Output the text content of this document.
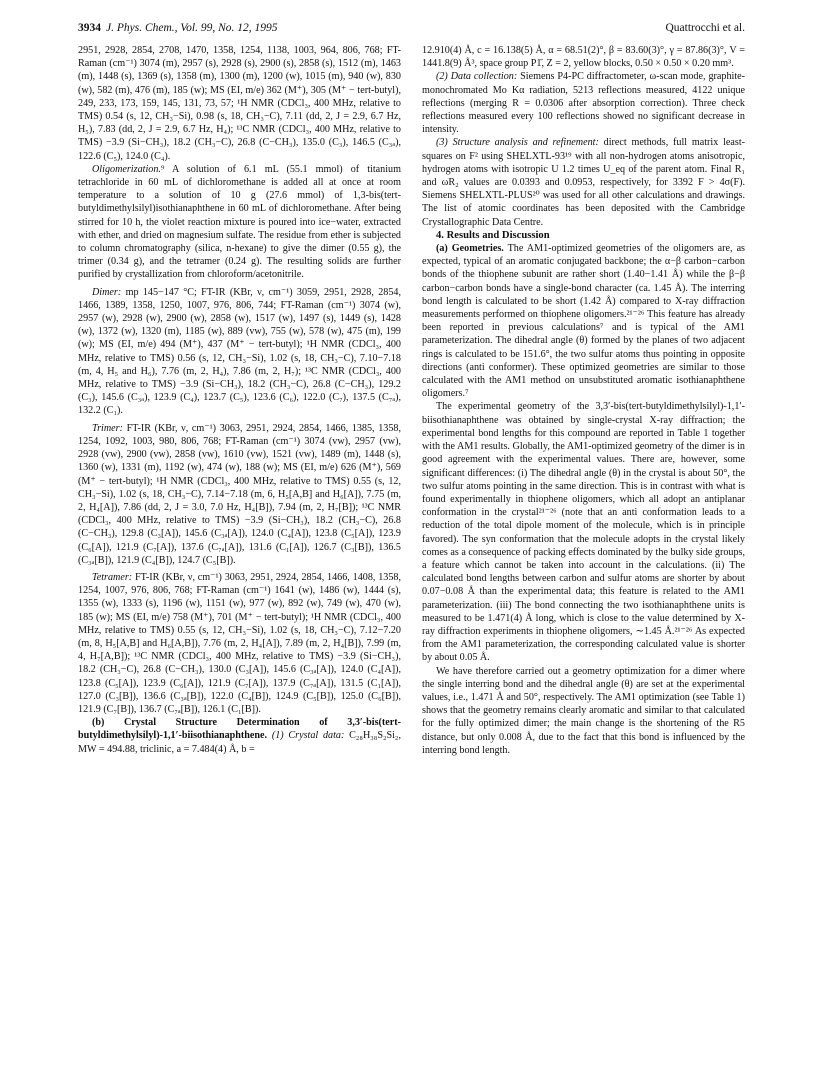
3934 J. Phys. Chem., Vol. 99, No. 12, 1995	Quattrocchi et al.

2951, 2928, 2854, 2708, 1470, 1358, 1254, 1138, 1003, 964, 806, 768; FT-Raman (cm⁻¹) 3074 (m), 2957 (s), 2928 (s), 2900 (s), 2858 (s), 1512 (m), 1463 (m), 1448 (s), 1369 (s), 1358 (m), 1300 (m), 1200 (w), 1015 (m), 940 (w), 830 (w), 582 (m), 476 (m), 185 (w); MS (EI, m/e) 362 (M⁺), 305 (M⁺ − tert-butyl), 249, 233, 173, 159, 145, 131, 73, 57; ¹H NMR (CDCl₃, 400 MHz, relative to TMS) 0.54 (s, 12, CH₃−Si), 0.98 (s, 18, CH₃−C), 7.11 (dd, 2, J = 2.9, 6.7 Hz, H₅), 7.83 (dd, 2, J = 2.9, 6.7 Hz, H₄); ¹³C NMR (CDCl₃, 400 MHz, relative to TMS) −3.9 (Si−CH₃), 18.2 (CH₃−C), 26.8 (C−CH₃), 135.0 (C₃), 146.5 (C₃ₐ), 122.6 (C₅), 124.0 (C₄).

Oligomerization.⁹ A solution of 6.1 mL (55.1 mmol) of titanium tetrachloride in 60 mL of dichloromethane is added all at once at room temperature to a solution of 10 g (27.6 mmol) of 1,3-bis(tert-butyldimethylsilyl)isothianaphthene in 60 mL of dichloromethane. After being stirred for 10 h, the violet reaction mixture is poured into ice−water, extracted with ether, and dried on magnesium sulfate. The residue from ether is subjected to column chromatography (silica, n-hexane) to give the dimer (0.55 g), the trimer (0.34 g), and the tetramer (0.24 g). The resulting solids are further purified by crystallization from chloroform/acetonitrile.

Dimer: mp 145−147 °C; FT-IR (KBr, ν, cm⁻¹) 3059, 2951, 2928, 2854, 1466, 1389, 1358, 1250, 1007, 976, 806, 744; FT-Raman (cm⁻¹) 3074 (w), 2957 (w), 2928 (w), 2900 (w), 2858 (w), 1517 (w), 1497 (s), 1449 (s), 1428 (w), 1372 (w), 1320 (m), 1185 (w), 889 (vw), 755 (w), 578 (w), 475 (m), 199 (w); MS (EI, m/e) 494 (M⁺), 437 (M⁺ − tert-butyl); ¹H NMR (CDCl₃, 400 MHz, relative to TMS) 0.56 (s, 12, CH₃−Si), 1.02 (s, 18, CH₃−C), 7.10−7.18 (m, 4, H₅ and H₆), 7.76 (m, 2, H₄), 7.86 (m, 2, H₇); ¹³C NMR (CDCl₃, 400 MHz, relative to TMS) −3.9 (Si−CH₃), 18.2 (CH₃−C), 26.8 (C−CH₃), 129.2 (C₃), 145.6 (C₃ₐ), 123.9 (C₄), 123.7 (C₅), 123.6 (C₆), 122.0 (C₇), 137.5 (C₇ₐ), 132.2 (C₁).

Trimer: FT-IR (KBr, ν, cm⁻¹) 3063, 2951, 2924, 2854, 1466, 1385, 1358, 1254, 1092, 1003, 980, 806, 768; FT-Raman (cm⁻¹) 3074 (vw), 2957 (vw), 2928 (vw), 2900 (vw), 2858 (vw), 1610 (vw), 1521 (vw), 1489 (m), 1448 (s), 1360 (w), 1331 (m), 1192 (w), 474 (w), 188 (w); MS (EI, m/e) 626 (M⁺), 569 (M⁺ − tert-butyl); ¹H NMR (CDCl₃, 400 MHz, relative to TMS) 0.55 (s, 12, CH₃−Si), 1.02 (s, 18, CH₃−C), 7.14−7.18 (m, 6, H₅[A,B] and H₆[A]), 7.75 (m, 2, H₄[A]), 7.86 (dd, 2, J = 3.0, 7.0 Hz, H₄[B]), 7.94 (m, 2, H₇[B]); ¹³C NMR (CDCl₃, 400 MHz, relative to TMS) −3.9 (Si−CH₃), 18.2 (CH₃−C), 26.8 (C−CH₃), 129.8 (C₃[A]), 145.6 (C₃ₐ[A]), 124.0 (C₄[A]), 123.8 (C₅[A]), 123.9 (C₆[A]), 121.9 (C₇[A]), 137.6 (C₇ₐ[A]), 131.6 (C₁[A]), 126.7 (C₃[B]), 136.5 (C₃ₐ[B]), 121.9 (C₄[B]), 124.7 (C₅[B]).

Tetramer: FT-IR (KBr, ν, cm⁻¹) 3063, 2951, 2924, 2854, 1466, 1408, 1358, 1254, 1007, 976, 806, 768; FT-Raman (cm⁻¹) 1641 (w), 1486 (w), 1444 (s), 1355 (w), 1333 (s), 1196 (w), 1151 (w), 977 (w), 892 (w), 749 (w), 470 (w), 185 (w); MS (EI, m/e) 758 (M⁺), 701 (M⁺ − tert-butyl); ¹H NMR (CDCl₃, 400 MHz, relative to TMS) 0.55 (s, 12, CH₃−Si), 1.02 (s, 18, CH₃−C), 7.12−7.20 (m, 8, H₅[A,B] and H₆[A,B]), 7.76 (m, 2, H₄[A]), 7.89 (m, 2, H₄[B]), 7.99 (m, 4, H₇[A,B]); ¹³C NMR (CDCl₃, 400 MHz, relative to TMS) −3.9 (Si−CH₃), 18.2 (CH₃−C), 26.8 (C−CH₃), 130.0 (C₃[A]), 145.6 (C₃ₐ[A]), 124.0 (C₄[A]), 123.8 (C₅[A]), 123.9 (C₆[A]), 121.9 (C₇[A]), 137.9 (C₇ₐ[A]), 131.5 (C₁[A]), 127.0 (C₃[B]), 136.6 (C₃ₐ[B]), 122.0 (C₄[B]), 124.9 (C₅[B]), 125.0 (C₆[B]), 121.9 (C₇[B]), 136.7 (C₇ₐ[B]), 126.1 (C₁[B]).

(b) Crystal Structure Determination of 3,3′-bis(tert-butyldimethylsilyl)-1,1′-biisothianaphthene. (1) Crystal data: C₂₈H₃₈S₂Si₂, MW = 494.88, triclinic, a = 7.484(4) Å, b =

12.910(4) Å, c = 16.138(5) Å, α = 68.51(2)°, β = 83.60(3)°, γ = 87.86(3)°, V = 1441.8(9) Å³, space group P1̄, Z = 2, yellow blocks, 0.50 × 0.50 × 0.20 mm³.

(2) Data collection: Siemens P4-PC diffractometer, ω-scan mode, graphite-monochromated Mo Kα radiation, 5213 reflections measured, 4122 unique reflections (merging R = 0.0306 after absorption correction). Three check reflections measured every 100 reflections showed no significant decrease in intensity.

(3) Structure analysis and refinement: direct methods, full matrix least-squares on F² using SHELXTL-93¹⁹ with all non-hydrogen atoms anisotropic, hydrogen atoms with isotropic U 1.2 times U_eq of the parent atom. Final R₁ and ωR₂ values are 0.0393 and 0.0953, respectively, for 3392 F > 4σ(F). Siemens SHELXTL-PLUS²⁰ was used for all other calculations and drawings. The list of atomic coordinates has been deposited with the Cambridge Crystallographic Data Centre.

4. Results and Discussion

(a) Geometries. The AM1-optimized geometries of the oligomers are, as expected, typical of an aromatic conjugated backbone; the α−β carbon−carbon bonds of the thiophene subunit are rather short (1.40−1.41 Å) while the β−β carbon−carbon bonds have a single-bond character (ca. 1.45 Å). The interring bond length is calculated to be short (1.42 Å) compared to X-ray diffraction measurements performed on thiophene oligomers.²¹⁻²⁶ This feature has already been reported in previous calculations⁷ and is typical of the AM1 parameterization. The dihedral angle (θ) formed by the planes of two adjacent rings is calculated to be 151.6°, the two sulfur atoms thus pointing in opposite directions (anti conformer). These optimized geometries are similar to those calculated with the AM1 method on unsubstituted aromatic isothianaphthene oligomers.⁷

The experimental geometry of the 3,3′-bis(tert-butyldimethylsilyl)-1,1′-biisothianaphthene was obtained by single-crystal X-ray diffraction; the experimental bond lengths for this compound are reported in Table 1 together with the AM1 results. Globally, the AM1-optimized geometry of the dimer is in good agreement with the experimental values. There are, however, some significant differences: (i) The dihedral angle (θ) in the crystal is about 50°, the two sulfur atoms pointing in the same direction. This is in contrast with what is found experimentally in thiophene oligomers, which all adopt an antiplanar conformation in the crystal²¹⁻²⁶ (note that an anti conformation leads to a reduction of the total dipole moment of the molecule, which is in principle favored). The syn conformation that the molecule adopts in the crystal likely comes as a consequence of packing effects dominated by the bulky side groups, a feature which cannot be taken into account in the calculations. (ii) The calculated bond lengths between carbon and sulfur atoms are shorter by about 0.07−0.08 Å than the experimental data; this feature is related to the AM1 parameterization. (iii) The bond connecting the two isothianaphthene units is measured to be 1.471(4) Å long, which is close to the value determined by X-ray diffraction experiments in thiophene oligomers, ∼1.45 Å.²¹⁻²⁶ As expected from the AM1 parameterization, the corresponding calculated value is shorter by about 0.05 Å.

We have therefore carried out a geometry optimization for a dimer where the single interring bond and the dihedral angle (θ) are set at the experimental values, i.e., 1.471 Å and 50°, respectively. The AM1 optimization (see Table 1) shows that the geometry remains clearly aromatic and similar to that calculated for the fully optimized dimer; the main change is the shortening of the R5 distance, but only 0.008 Å, due to the fact that this bond is influenced by the interring bond length.
